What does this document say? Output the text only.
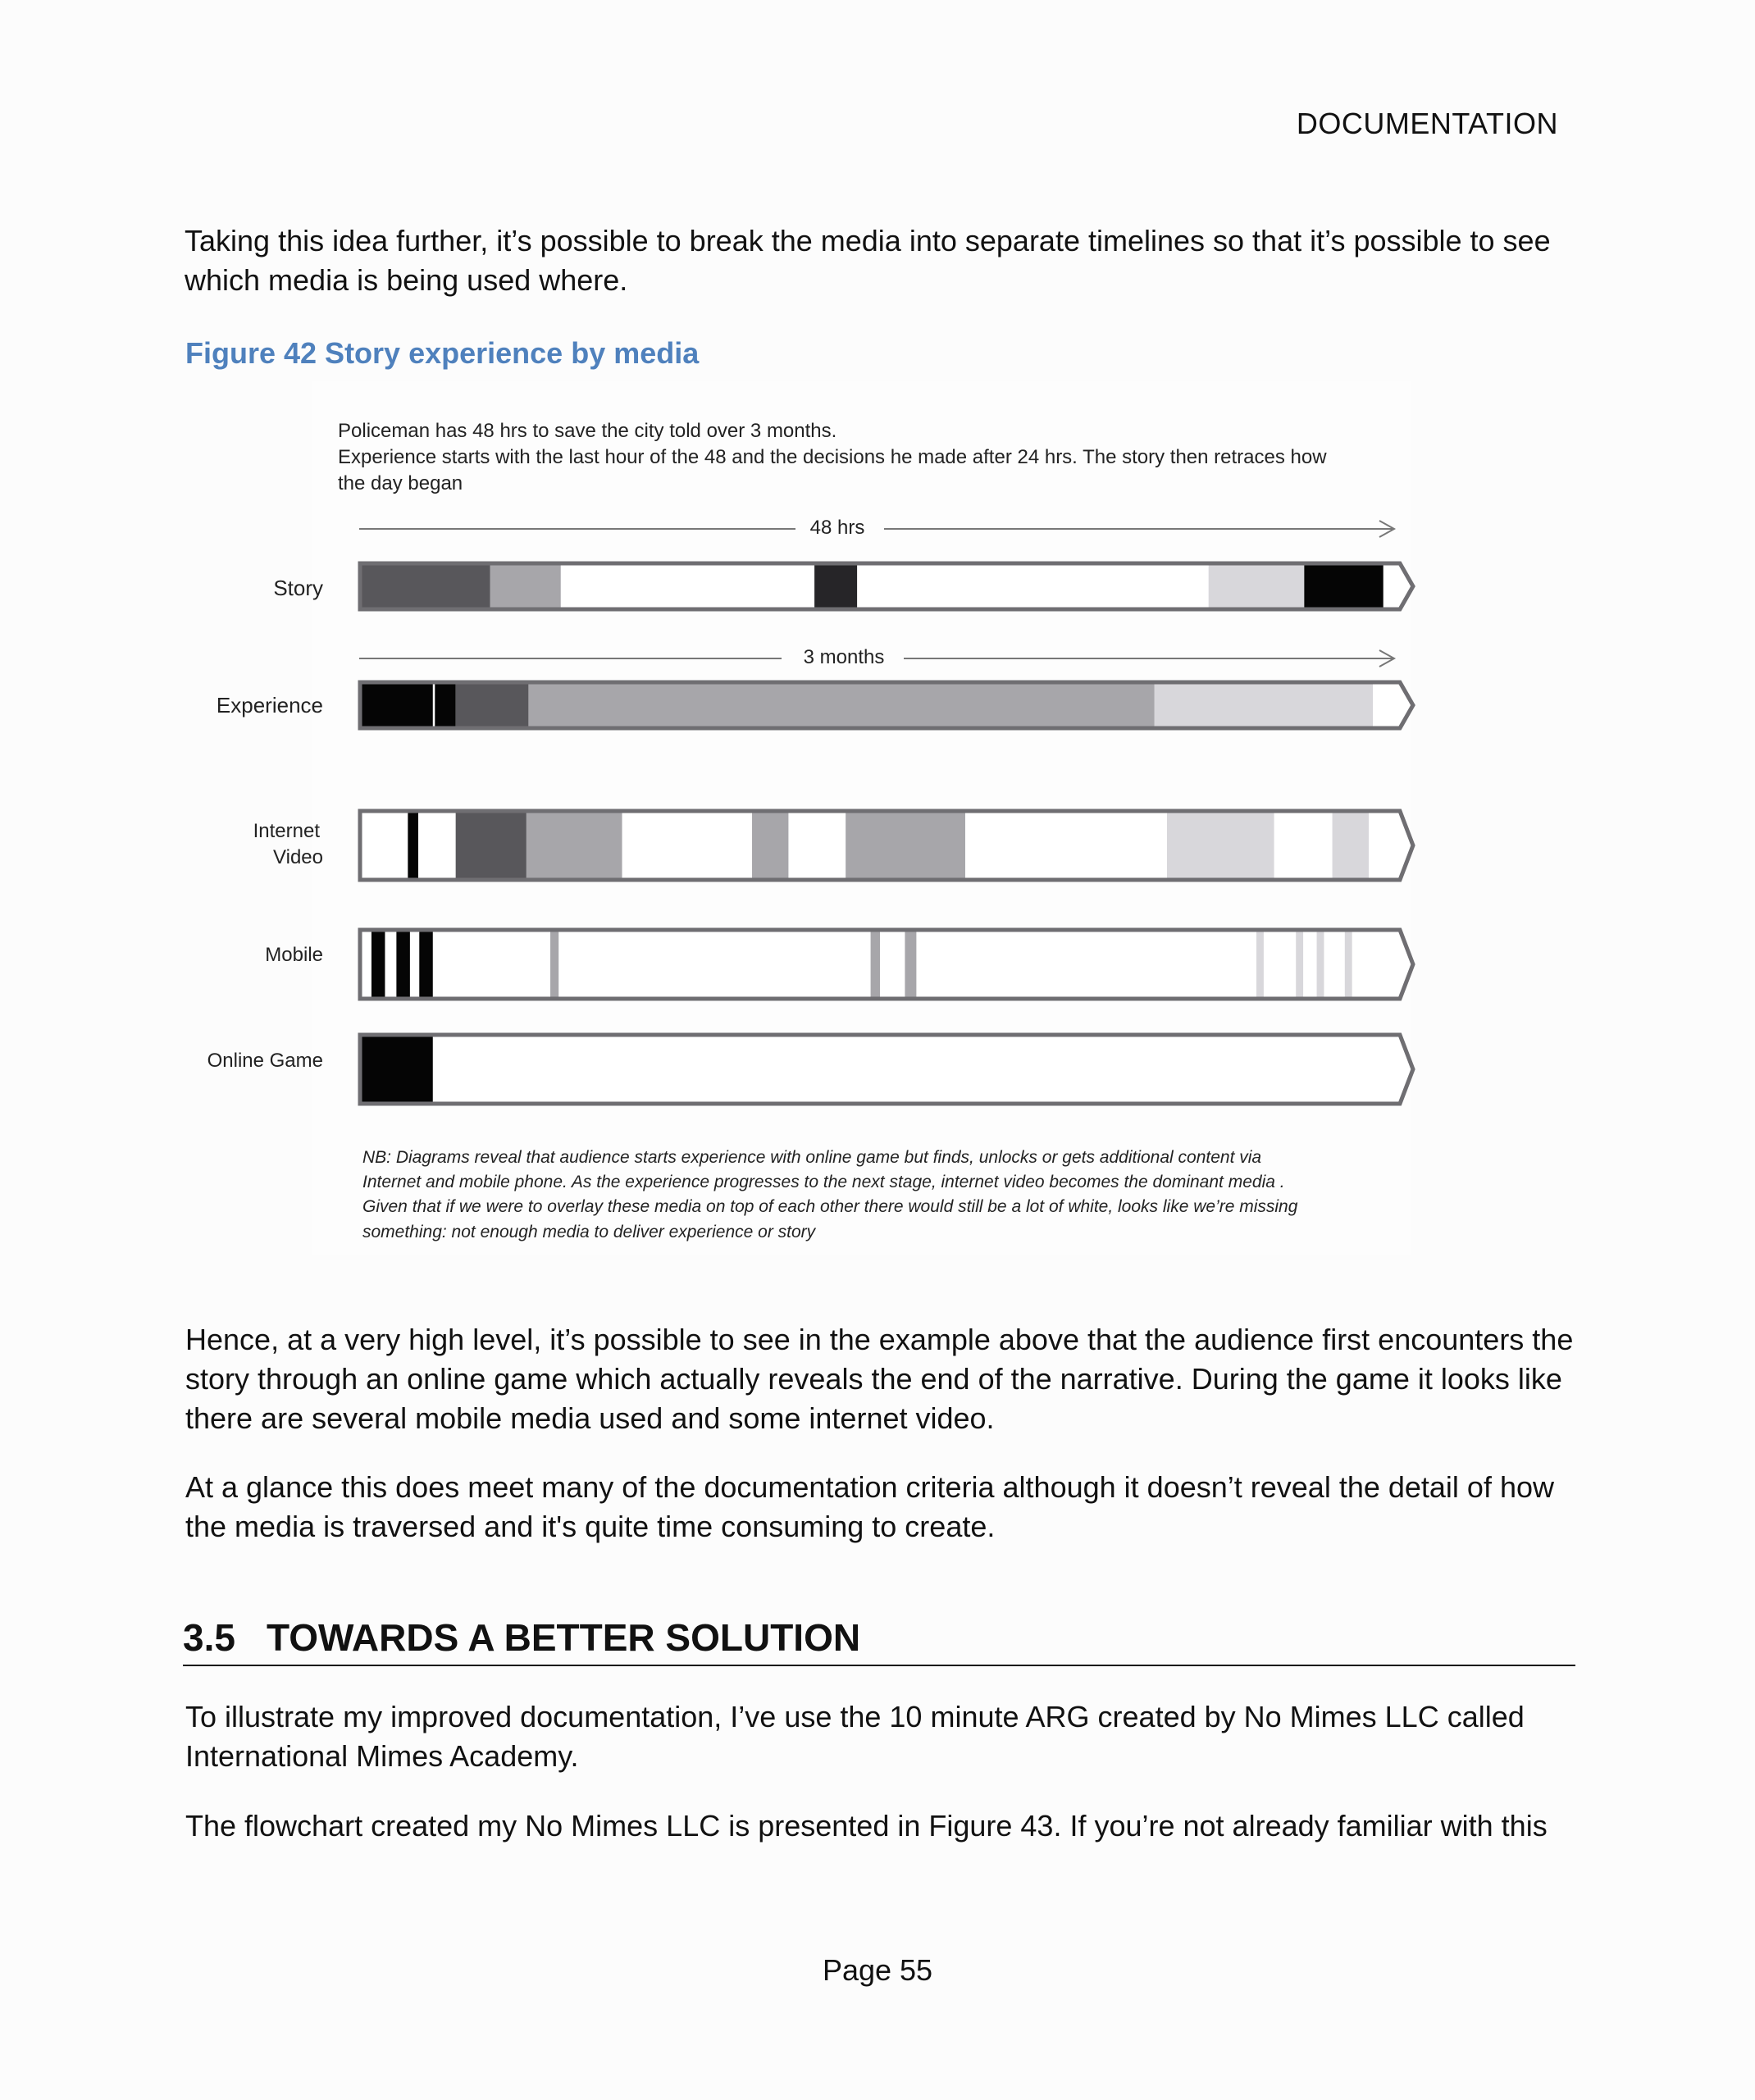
DOCUMENTATION

Taking this idea further, it’s possible to break the media into separate timelines so that it’s possible to see which media is being used where.

Figure 42 Story experience by media
Policeman has 48 hrs to save the city told over 3 months.
Experience starts with the last hour of the 48 and the decisions he made after 24 hrs. The story then retraces how
the day began
48 hrs
3 months
Story
Experience
Internet
Video
Mobile
Online Game
NB: Diagrams reveal that audience starts experience with online game but finds, unlocks or gets additional content via
Internet and mobile phone. As the experience progresses to the next stage, internet video becomes the dominant media .
Given that if we were to overlay these media on top of each other there would still be a lot of white, looks like we’re missing
something: not enough media to deliver experience or story

Hence, at a very high level, it’s possible to see in the example above that the audience first encounters the story through an online game which actually reveals the end of the narrative. During the game it looks like there are several mobile media used and some internet video.

At a glance this does meet many of the documentation criteria although it doesn’t reveal the detail of how the media is traversed and it's quite time consuming to create.

3.5 TOWARDS A BETTER SOLUTION

To illustrate my improved documentation, I’ve use the 10 minute ARG created by No Mimes LLC called International Mimes Academy.

The flowchart created my No Mimes LLC is presented in Figure 43. If you’re not already familiar with this

Page 55
